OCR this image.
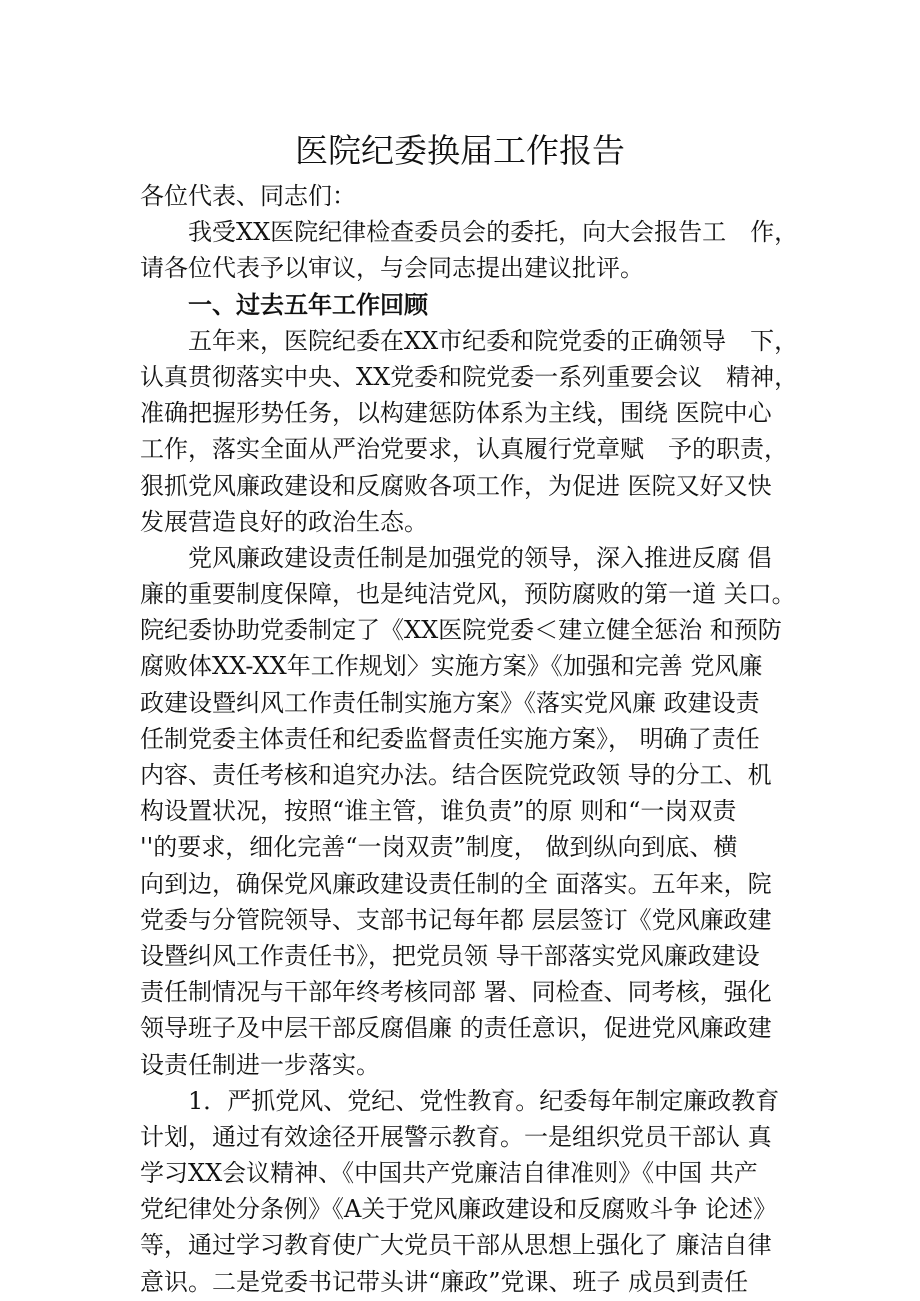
医院纪委换届工作报告
各位代表、同志们：
我受XX医院纪律检查委员会的委托，向大会报告工　作，
请各位代表予以审议，与会同志提出建议批评。
一、过去五年工作回顾
五年来，医院纪委在XX市纪委和院党委的正确领导　下，
认真贯彻落实中央、XX党委和院党委一系列重要会议　精神，
准确把握形势任务，以构建惩防体系为主线，围绕 医院中心
工作，落实全面从严治党要求，认真履行党章赋　予的职责，
狠抓党风廉政建设和反腐败各项工作，为促进 医院又好又快
发展营造良好的政治生态。
党风廉政建设责任制是加强党的领导，深入推进反腐 倡
廉的重要制度保障，也是纯洁党风，预防腐败的第一道 关口。
院纪委协助党委制定了《XX医院党委＜建立健全惩治 和预防
腐败体XX-XX年工作规划〉实施方案》《加强和完善 党风廉
政建设暨纠风工作责任制实施方案》《落实党风廉 政建设责
任制党委主体责任和纪委监督责任实施方案》， 明确了责任
内容、责任考核和追究办法。结合医院党政领 导的分工、机
构设置状况，按照“谁主管，谁负责”的原 则和“一岗双责
''的要求，细化完善“一岗双责”制度， 做到纵向到底、横
向到边，确保党风廉政建设责任制的全 面落实。五年来，院
党委与分管院领导、支部书记每年都 层层签订《党风廉政建
设暨纠风工作责任书》，把党员领 导干部落实党风廉政建设
责任制情况与干部年终考核同部 署、同检查、同考核，强化
领导班子及中层干部反腐倡廉 的责任意识，促进党风廉政建
设责任制进一步落实。
1．严抓党风、党纪、党性教育。纪委每年制定廉政教育
计划，通过有效途径开展警示教育。一是组织党员干部认 真
学习XX会议精神、《中国共产党廉洁自律准则》《中国 共产
党纪律处分条例》《A关于党风廉政建设和反腐败斗争 论述》
等，通过学习教育使广大党员干部从思想上强化了 廉洁自律
意识。二是党委书记带头讲“廉政”党课、班子 成员到责任
